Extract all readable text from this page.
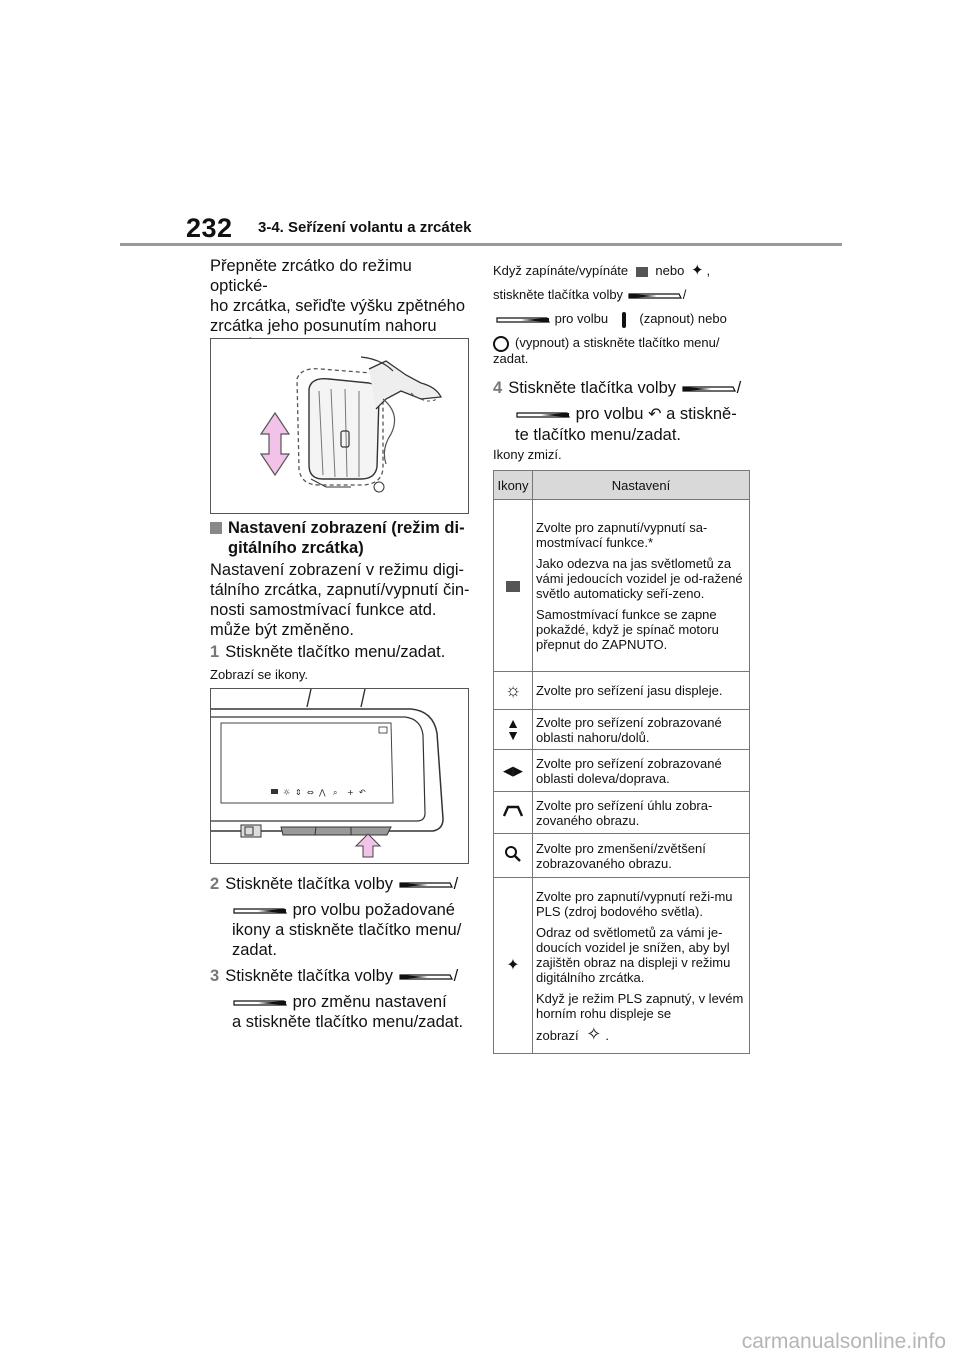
232 3-4. Seřízení volantu a zrcátek
Přepněte zrcátko do režimu optické-
ho zrcátka, seřiďte výšku zpětného
zrcátka jeho posunutím nahoru
Nastavení zobrazení (režim di-
gitálního zrcátka)
Nastavení zobrazení v režimu digi-
tálního zrcátka, zapnutí/vypnutí čin-
nosti samostmívací funkce atd.
může být změněno.
1 Stiskněte tlačítko menu/zadat.
Zobrazí se ikony.
☼ ⇕ ⇔ ⋀ ⌕ + ↶
2 Stiskněte tlačítka volby	/
pro volbu požadované
ikony a stiskněte tlačítko menu/
zadat.
3 Stiskněte tlačítka volby	/
pro změnu nastavení
a stiskněte tlačítko menu/zadat.
Když zapínáte/vypínáte nebo ✦ ,
stiskněte tlačítka volby	/
pro volbu (zapnout) nebo
(vypnout) a stiskněte tlačítko menu/
zadat.
4 Stiskněte tlačítka volby	/
pro volbu ↶ a stiskně-
te tlačítko menu/zadat.
Ikony zmizí.
Ikony	Nastavení

	Zvolte pro zapnutí/vypnutí sa-mostmívací funkce.*

Jako odezva na jas světlometů za vámi jedoucích vozidel je od-ražené světlo automaticky seří-zeno.

Samostmívací funkce se zapne pokaždé, když je spínač motoru přepnut do ZAPNUTO.

☼	Zvolte pro seřízení jasu displeje.
▲
▼	Zvolte pro seřízení zobrazované oblasti nahoru/dolů.
◀▶	Zvolte pro seřízení zobrazované oblasti doleva/doprava.
	Zvolte pro seřízení úhlu zobra-zovaného obrazu.
	Zvolte pro zmenšení/zvětšení zobrazovaného obrazu.
✦	Zvolte pro zapnutí/vypnutí reži-mu PLS (zdroj bodového světla).

Odraz od světlometů za vámi je-doucích vozidel je snížen, aby byl zajištěn obraz na displeji v režimu digitálního zrcátka.

Když je režim PLS zapnutý, v levém horním rohu displeje se
zobrazí ✧ .

carmanualsonline.info
